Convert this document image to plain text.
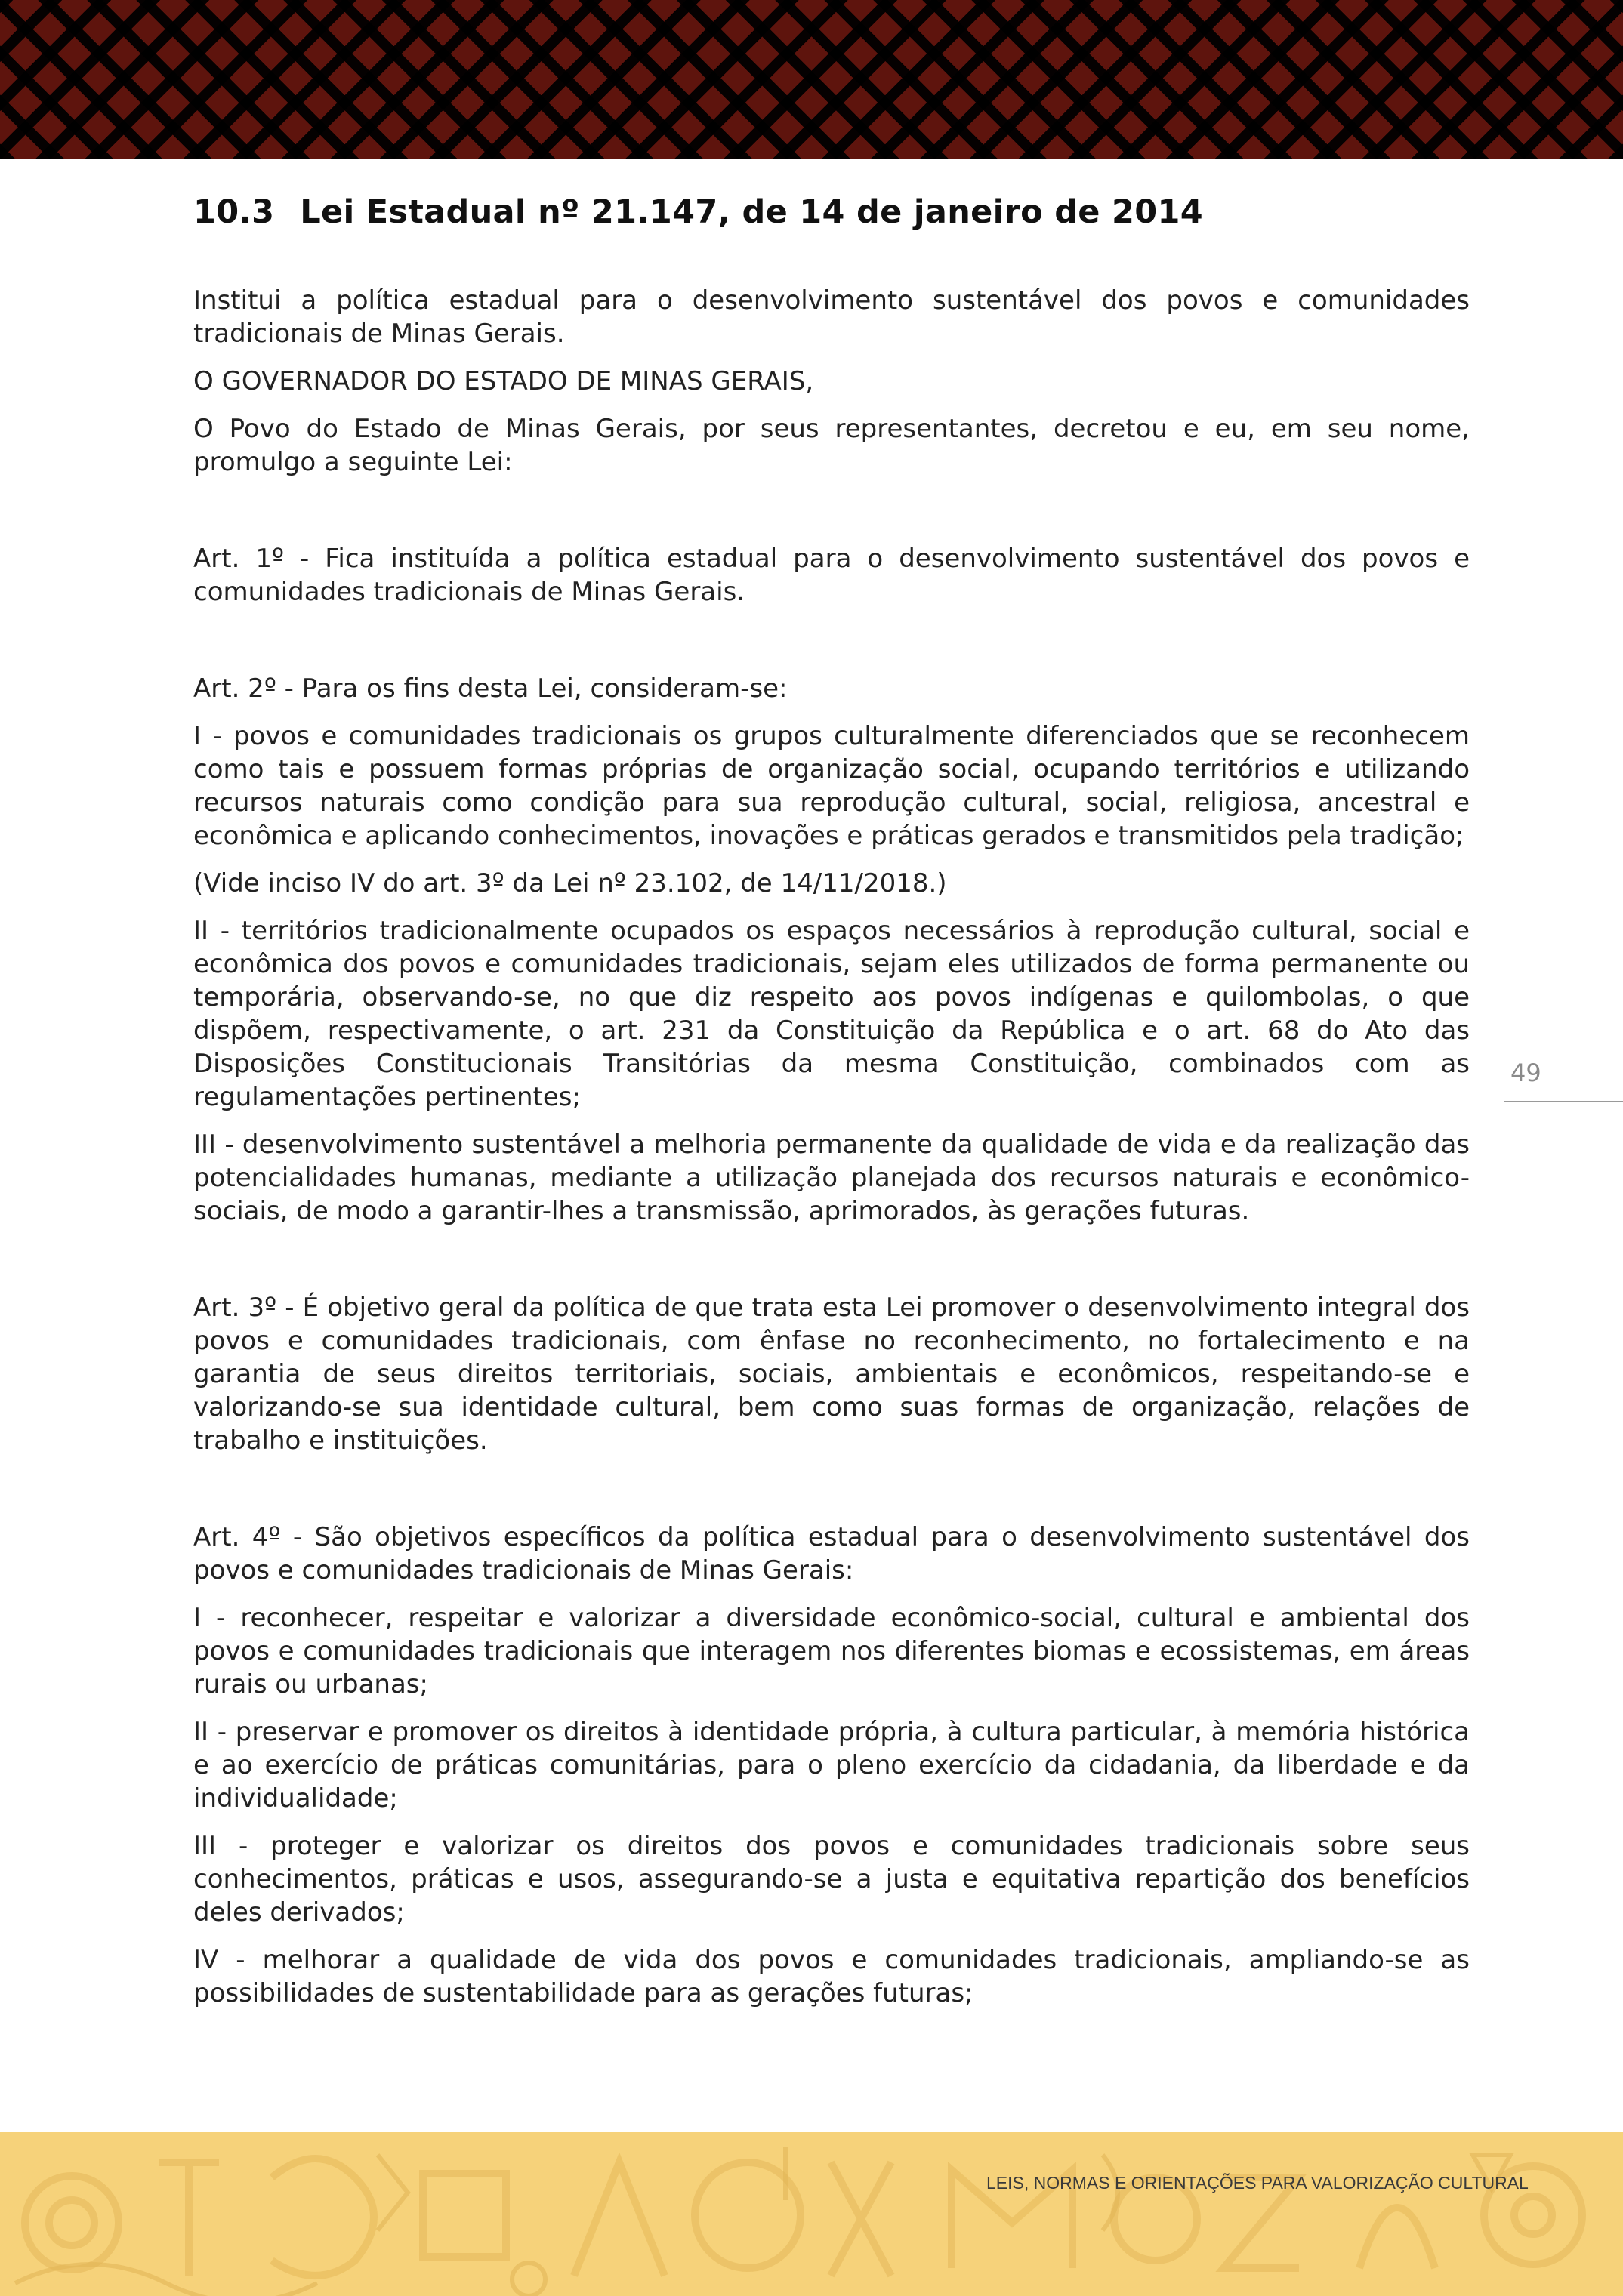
10.3 Lei Estadual nº 21.147, de 14 de janeiro de 2014

Institui a política estadual para o desenvolvimento sustentável dos povos e comunidades tradicionais de Minas Gerais.

O GOVERNADOR DO ESTADO DE MINAS GERAIS,

O Povo do Estado de Minas Gerais, por seus representantes, decretou e eu, em seu nome, promulgo a seguinte Lei:

Art. 1º - Fica instituída a política estadual para o desenvolvimento sustentável dos povos e comunidades tradicionais de Minas Gerais.

Art. 2º - Para os fins desta Lei, consideram-se:

I - povos e comunidades tradicionais os grupos culturalmente diferenciados que se reconhecem como tais e possuem formas próprias de organização social, ocupando territórios e utilizando recursos naturais como condição para sua reprodução cultural, social, religiosa, ancestral e econômica e aplicando conhecimentos, inovações e práticas gerados e transmitidos pela tradição;

(Vide inciso IV do art. 3º da Lei nº 23.102, de 14/11/2018.)

II - territórios tradicionalmente ocupados os espaços necessários à reprodução cultural, social e econômica dos povos e comunidades tradicionais, sejam eles utilizados de forma permanente ou temporária, observando-se, no que diz respeito aos povos indígenas e quilombolas, o que dispõem, respectivamente, o art. 231 da Constituição da República e o art. 68 do Ato das Disposições Constitucionais Transitórias da mesma Constituição, combinados com as regulamentações pertinentes;

III - desenvolvimento sustentável a melhoria permanente da qualidade de vida e da realização das potencialidades humanas, mediante a utilização planejada dos recursos naturais e econômico-sociais, de modo a garantir-lhes a transmissão, aprimorados, às gerações futuras.

Art. 3º - É objetivo geral da política de que trata esta Lei promover o desenvolvimento integral dos povos e comunidades tradicionais, com ênfase no reconhecimento, no fortalecimento e na garantia de seus direitos territoriais, sociais, ambientais e econômicos, respeitando-se e valorizando-se sua identidade cultural, bem como suas formas de organização, relações de trabalho e instituições.

Art. 4º - São objetivos específicos da política estadual para o desenvolvimento sustentável dos povos e comunidades tradicionais de Minas Gerais:

I - reconhecer, respeitar e valorizar a diversidade econômico-social, cultural e ambiental dos povos e comunidades tradicionais que interagem nos diferentes biomas e ecossistemas, em áreas rurais ou urbanas;

II - preservar e promover os direitos à identidade própria, à cultura particular, à memória histórica e ao exercício de práticas comunitárias, para o pleno exercício da cidadania, da liberdade e da individualidade;

III - proteger e valorizar os direitos dos povos e comunidades tradicionais sobre seus conhecimentos, práticas e usos, assegurando-se a justa e equitativa repartição dos benefícios deles derivados;

IV - melhorar a qualidade de vida dos povos e comunidades tradicionais, ampliando-se as possibilidades de sustentabilidade para as gerações futuras;

49
LEIS, NORMAS E ORIENTAÇÕES PARA VALORIZAÇÃO CULTURAL
